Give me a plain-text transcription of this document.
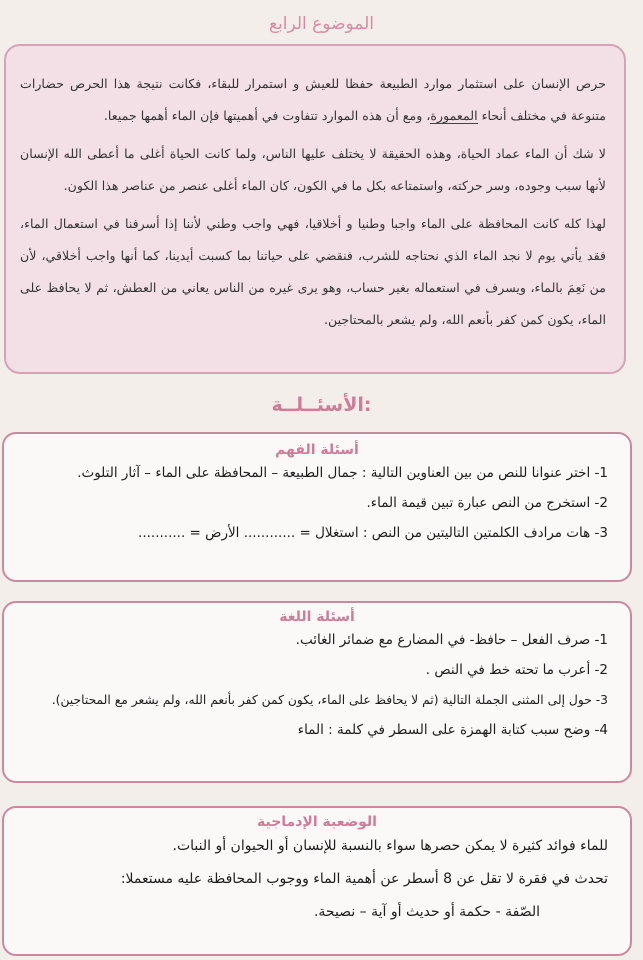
الموضوع الرابع

حرص الإنسان على استثمار موارد الطبيعة حفظا للعيش و استمرار للبقاء، فكانت نتيجة هذا الحرص حضارات متنوعة في مختلف أنحاء المعمورة، ومع أن هذه الموارد تتفاوت في أهميتها فإن الماء أهمها جميعا.

لا شك أن الماء عماد الحياة، وهذه الحقيقة لا يختلف عليها الناس، ولما كانت الحياة أغلى ما أعطى الله الإنسان لأنها سبب وجوده، وسر حركته، واستمتاعه بكل ما في الكون، كان الماء أغلى عنصر من عناصر هذا الكون.

لهذا كله كانت المحافظة على الماء واجبا وطنيا و أخلاقيا، فهي واجب وطني لأننا إذا أسرفنا في استعمال الماء، فقد يأتي يوم لا نجد الماء الذي نحتاجه للشرب، فنقضي على حياتنا بما كسبت أيدينا، كما أنها واجب أخلاقي، لأن من نَعِمَ بالماء، ويسرف في استعماله بغير حساب، وهو يرى غيره من الناس يعاني من العطش، ثم لا يحافظ على الماء، يكون كمن كفر بأنعم الله، ولم يشعر بالمحتاجين.

الأسئــلــة:

أسئلة الفهم

1- اختر عنوانا للنص من بين العناوين التالية : جمال الطبيعة – المحافظة على الماء – آثار التلوث.

2- استخرج من النص عبارة تبين قيمة الماء.

3- هات مرادف الكلمتين التاليتين من النص : استغلال = ............ الأرض = ...........

أسئلة اللغة

1- صرف الفعل – حافظ- في المضارع مع ضمائر الغائب.

2- أعرب ما تحته خط في النص .

3- حول إلى المثنى الجملة التالية (ثم لا يحافظ على الماء، يكون كمن كفر بأنعم الله، ولم يشعر مع المحتاجين).

4- وضح سبب كتابة الهمزة على السطر في كلمة : الماء

الوضعية الإدماجية

للماء فوائد كثيرة لا يمكن حصرها سواء بالنسبة للإنسان أو الحيوان أو النبات.

تحدث في فقرة لا تقل عن 8 أسطر عن أهمية الماء ووجوب المحافظة عليه مستعملا:

الصّفة - حكمة أو حديث أو آية – نصيحة.
